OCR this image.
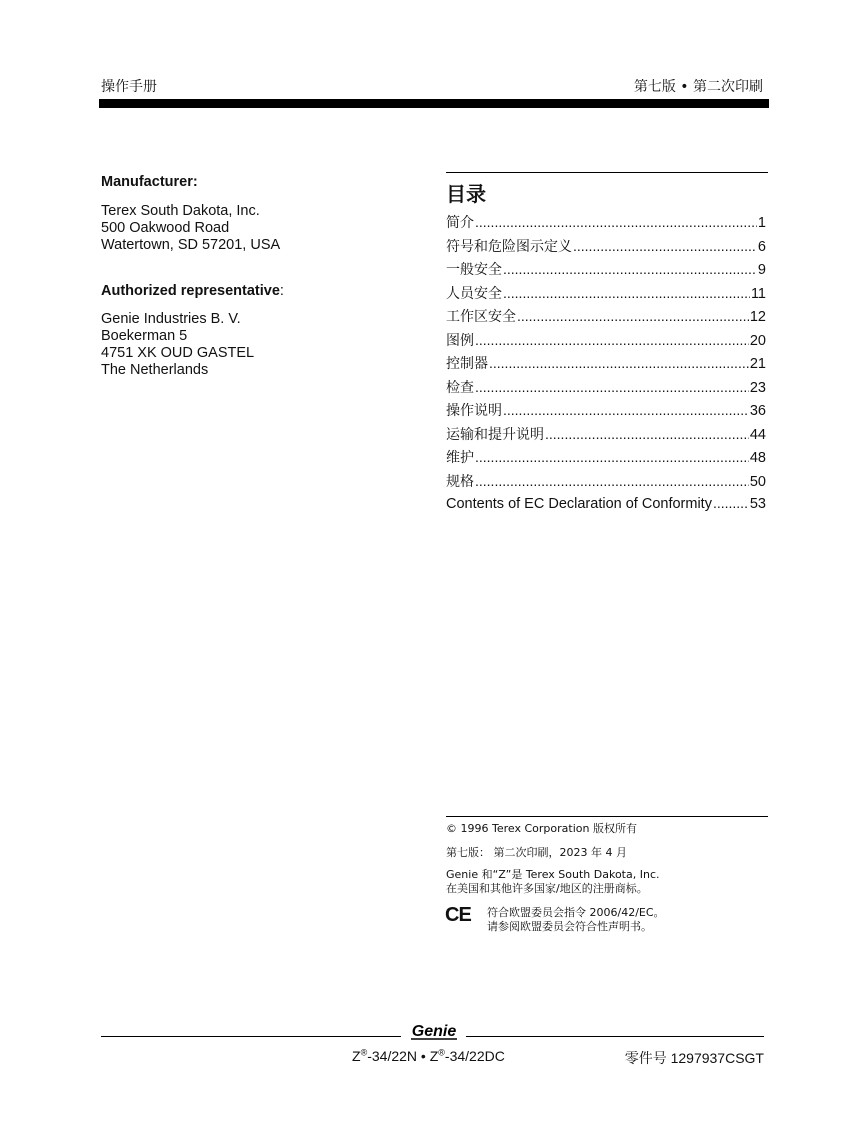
操作手册	第七版 • 第二次印刷
Manufacturer:
Terex South Dakota, Inc.
500 Oakwood Road
Watertown, SD 57201, USA
Authorized representative:
Genie Industries B. V.
Boekerman 5
4751 XK OUD GASTEL
The Netherlands
目录
简介 .....	1
符号和危险图示定义 .....	6
一般安全 .....	9
人员安全 .....	11
工作区安全 .....	12
图例 .....	20
控制器 .....	21
检查 .....	23
操作说明 .....	36
运输和提升说明 .....	44
维护 .....	48
规格 .....	50
Contents of EC Declaration of Conformity .....	53
© 1996 Terex Corporation 版权所有
第七版： 第二次印刷，2023 年 4 月
Genie 和“Z”是 Terex South Dakota, Inc.
在美国和其他许多国家/地区的注册商标。
CE 符合欧盟委员会指令 2006/42/EC。
请参阅欧盟委员会符合性声明书。
Genie
Z®-34/22N • Z®-34/22DC	零件号 1297937CSGT
